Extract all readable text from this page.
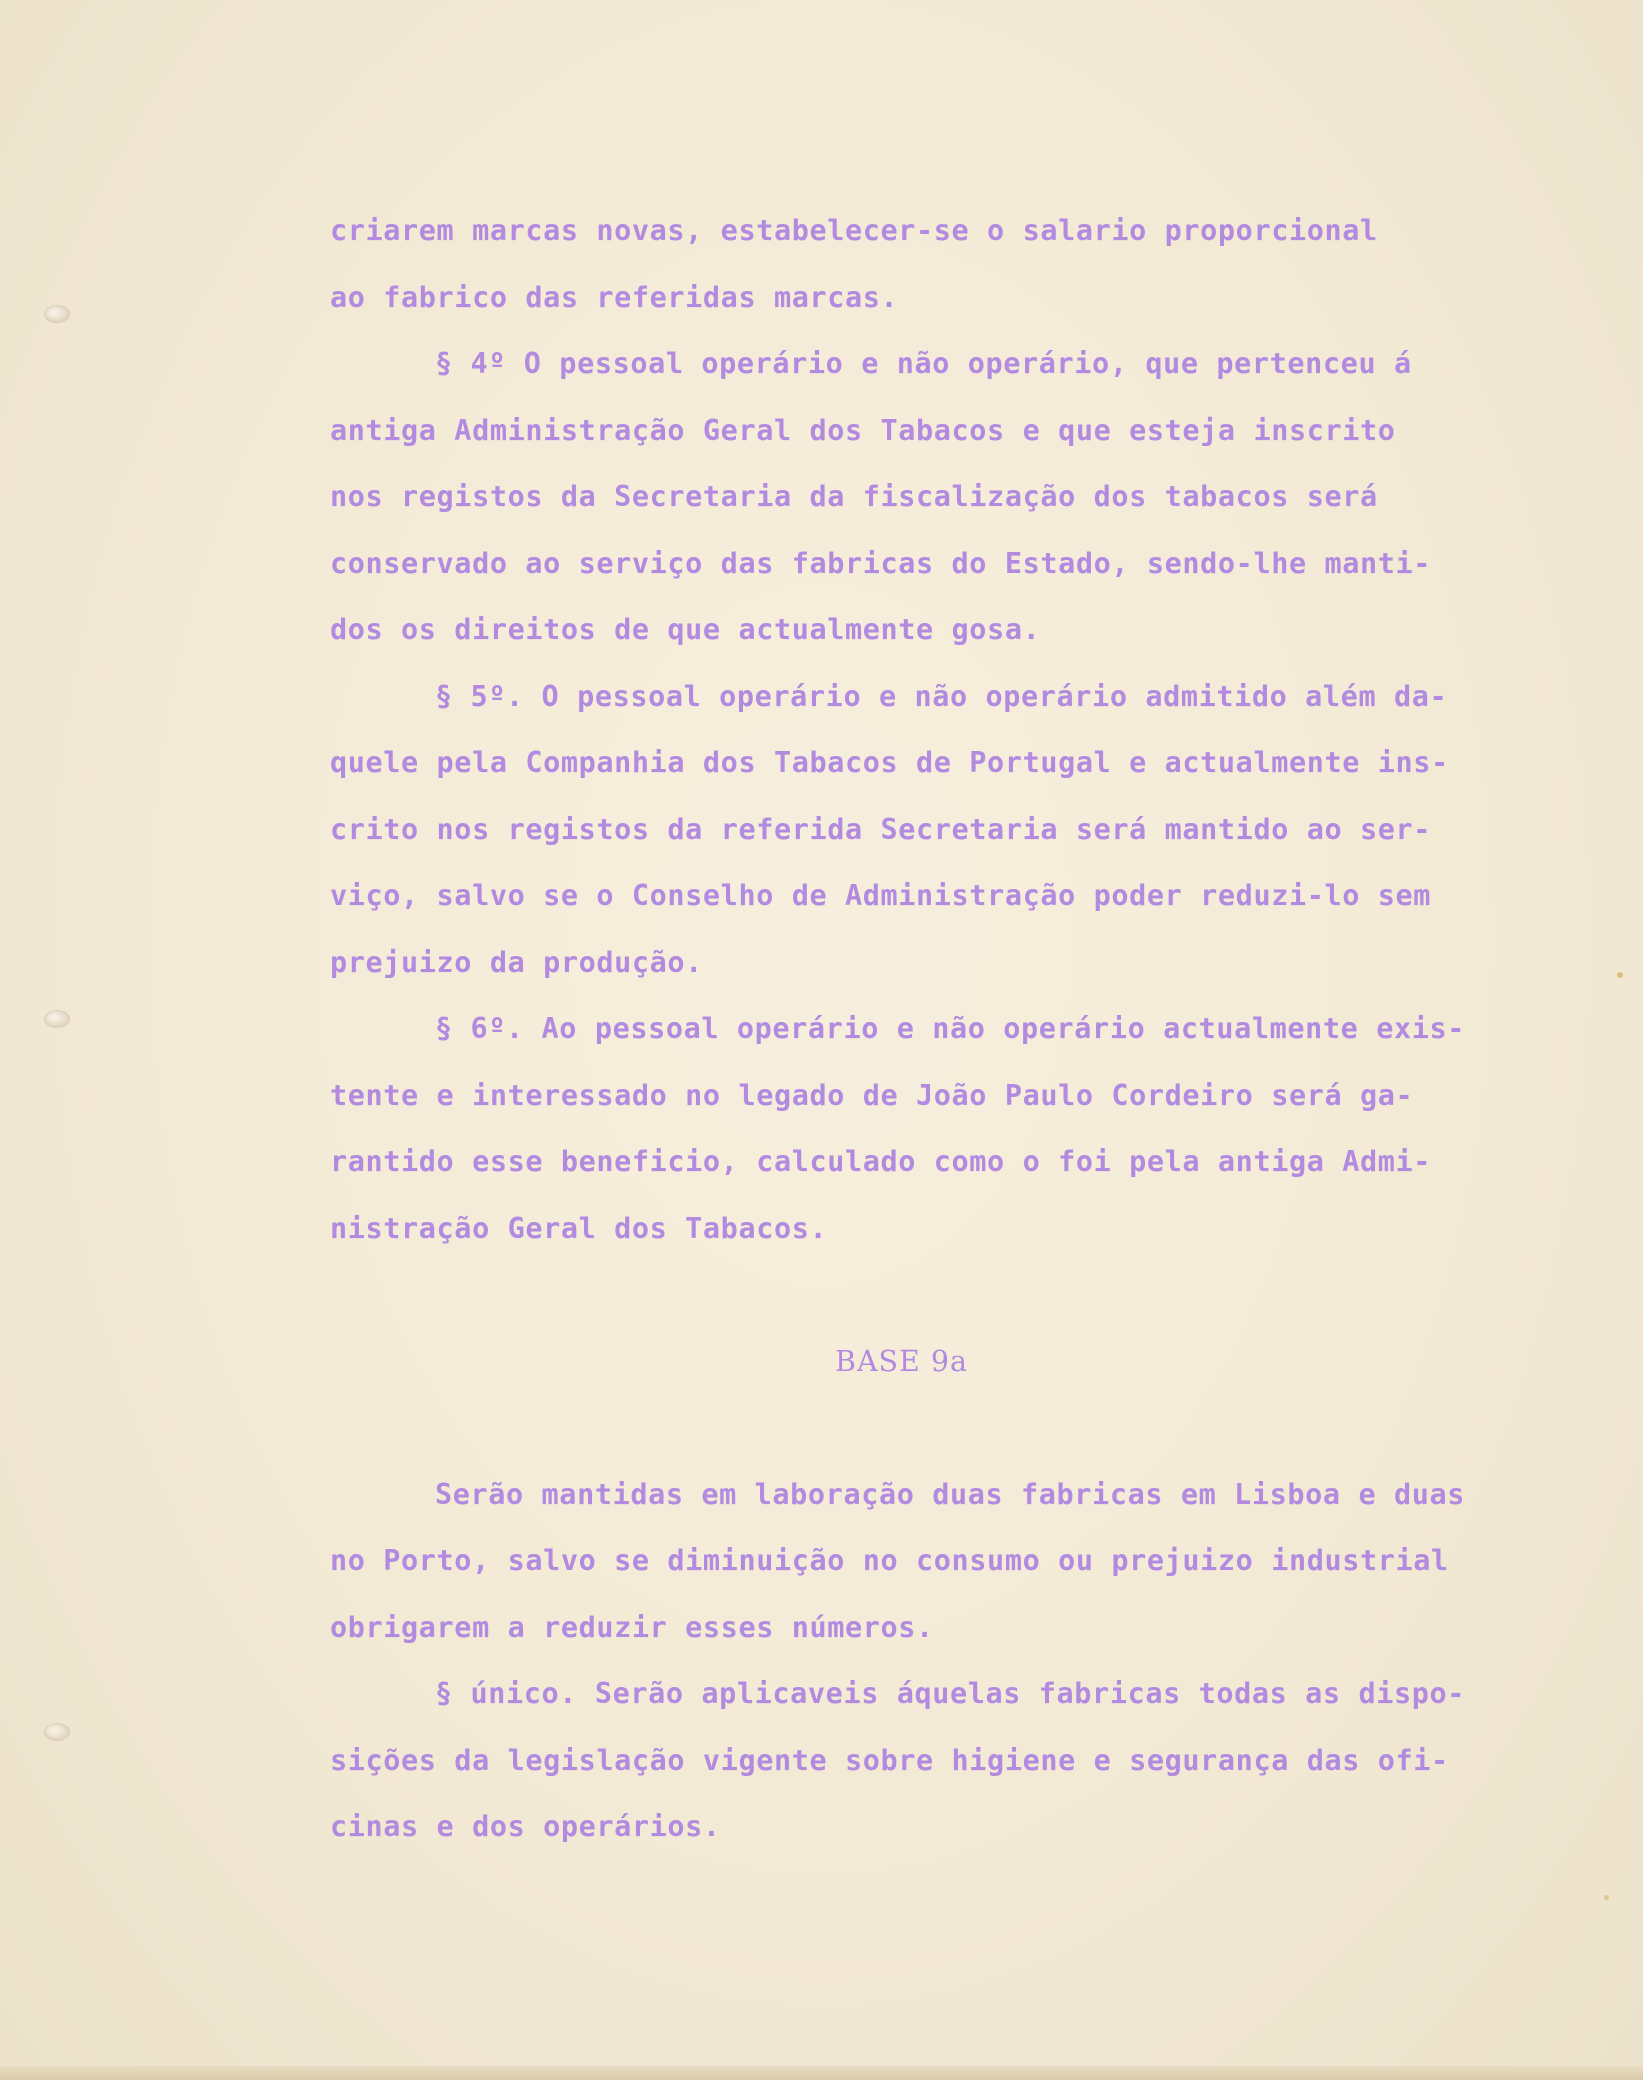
criarem marcas novas, estabelecer-se o salario proporcional
ao fabrico das referidas marcas.
§ 4º O pessoal operário e não operário, que pertenceu á
antiga Administração Geral dos Tabacos e que esteja inscrito
nos registos da Secretaria da fiscalização dos tabacos será
conservado ao serviço das fabricas do Estado, sendo-lhe manti-
dos os direitos de que actualmente gosa.
§ 5º. O pessoal operário e não operário admitido além da-
quele pela Companhia dos Tabacos de Portugal e actualmente ins-
crito nos registos da referida Secretaria será mantido ao ser-
viço, salvo se o Conselho de Administração poder reduzi-lo sem
prejuizo da produção.
§ 6º. Ao pessoal operário e não operário actualmente exis-
tente e interessado no legado de João Paulo Cordeiro será ga-
rantido esse beneficio, calculado como o foi pela antiga Admi-
nistração Geral dos Tabacos.
BASE 9a
Serão mantidas em laboração duas fabricas em Lisboa e duas
no Porto, salvo se diminuição no consumo ou prejuizo industrial
obrigarem a reduzir esses números.
§ único. Serão aplicaveis áquelas fabricas todas as dispo-
sições da legislação vigente sobre higiene e segurança das ofi-
cinas e dos operários.
